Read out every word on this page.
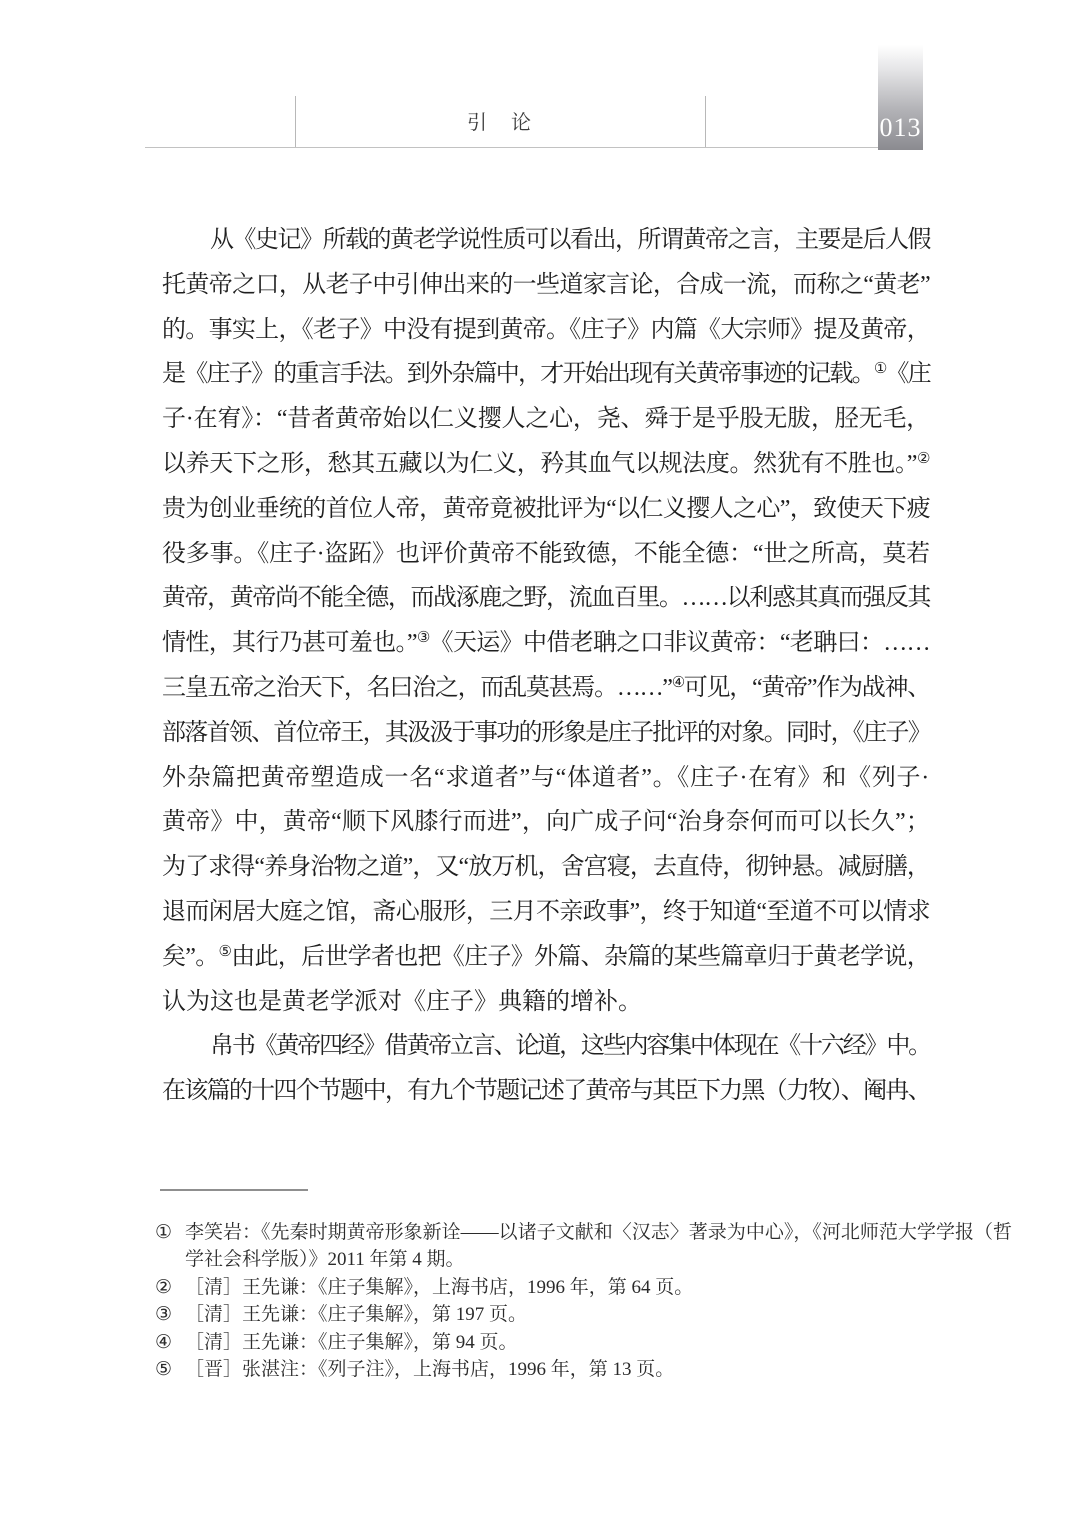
引　论	013
从《史记》所载的黄老学说性质可以看出，所谓黄帝之言，主要是后人假
托黄帝之口，从老子中引伸出来的一些道家言论，合成一流，而称之“黄老”
的。事实上，《老子》中没有提到黄帝。《庄子》内篇《大宗师》提及黄帝，
是《庄子》的重言手法。到外杂篇中，才开始出现有关黄帝事迹的记载。①《庄
子·在宥》：“昔者黄帝始以仁义撄人之心，尧、舜于是乎股无胈，胫无毛，
以养天下之形，愁其五藏以为仁义，矜其血气以规法度。然犹有不胜也。”②
贵为创业垂统的首位人帝，黄帝竟被批评为“以仁义撄人之心”，致使天下疲
役多事。《庄子·盗跖》也评价黄帝不能致德，不能全德：“世之所高，莫若
黄帝，黄帝尚不能全德，而战涿鹿之野，流血百里。……以利惑其真而强反其
情性，其行乃甚可羞也。”③《天运》中借老聃之口非议黄帝：“老聃曰：……
三皇五帝之治天下，名曰治之，而乱莫甚焉。……”④可见，“黄帝”作为战神、
部落首领、首位帝王，其汲汲于事功的形象是庄子批评的对象。同时，《庄子》
外杂篇把黄帝塑造成一名“求道者”与“体道者”。《庄子·在宥》和《列子·
黄帝》中，黄帝“顺下风膝行而进”，向广成子问“治身奈何而可以长久”；
为了求得“养身治物之道”，又“放万机，舍宫寝，去直侍，彻钟悬。减厨膳，
退而闲居大庭之馆，斋心服形，三月不亲政事”，终于知道“至道不可以情求
矣”。⑤由此，后世学者也把《庄子》外篇、杂篇的某些篇章归于黄老学说，
认为这也是黄老学派对《庄子》典籍的增补。
帛书《黄帝四经》借黄帝立言、论道，这些内容集中体现在《十六经》中。
在该篇的十四个节题中，有九个节题记述了黄帝与其臣下力黑（力牧）、阉冉、
① 李笑岩：《先秦时期黄帝形象新诠——以诸子文献和〈汉志〉著录为中心》，《河北师范大学学报（哲
学社会科学版）》2011 年第 4 期。
② ［清］王先谦：《庄子集解》，上海书店，1996 年，第 64 页。
③ ［清］王先谦：《庄子集解》，第 197 页。
④ ［清］王先谦：《庄子集解》，第 94 页。
⑤ ［晋］张湛注：《列子注》，上海书店，1996 年，第 13 页。
